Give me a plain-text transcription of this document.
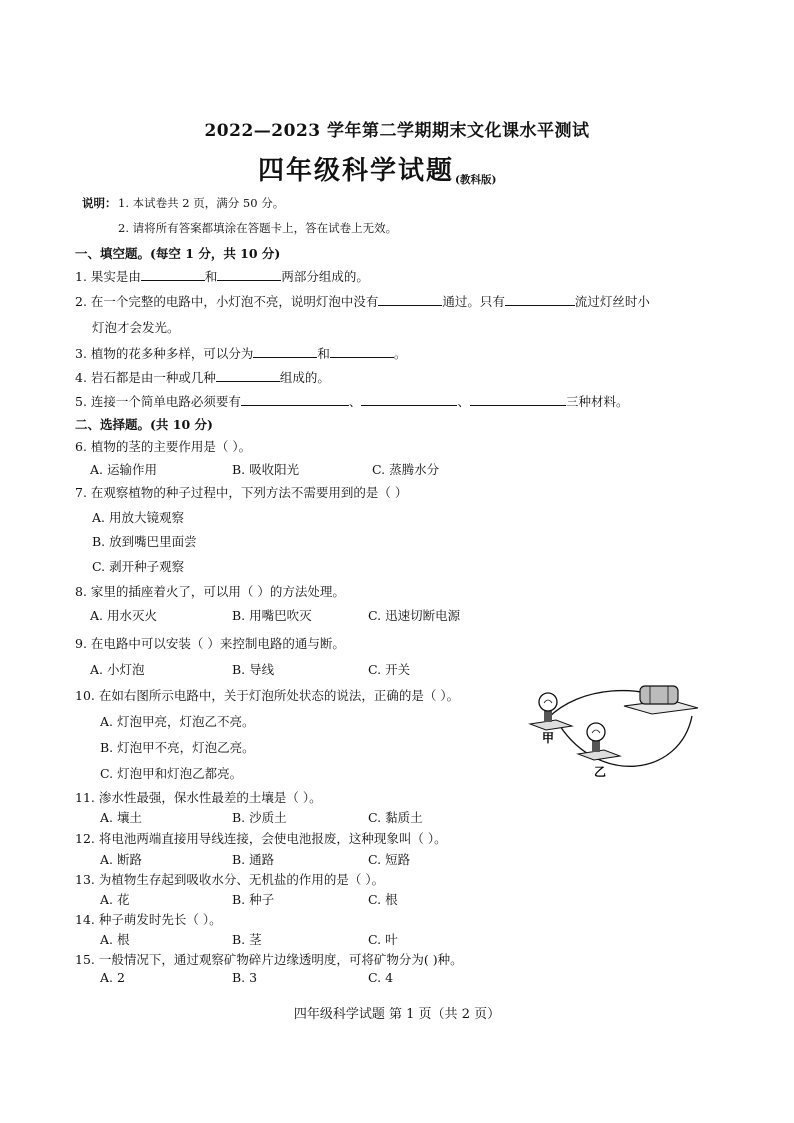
2022—2023 学年第二学期期末文化课水平测试
四年级科学试题 (教科版)
说明： 1. 本试卷共 2 页，满分 50 分。
2. 请将所有答案都填涂在答题卡上，答在试卷上无效。
一、填空题。(每空 1 分，共 10 分)
1. 果实是由	和	两部分组成的。
2. 在一个完整的电路中，小灯泡不亮，说明灯泡中没有	通过。只有	流过灯丝时小
灯泡才会发光。
3. 植物的花多种多样，可以分为	和	。
4. 岩石都是由一种或几种	组成的。
5. 连接一个简单电路必须要有	、	、	三种材料。
二、选择题。(共 10 分)
6. 植物的茎的主要作用是（ ）。
A. 运输作用	B. 吸收阳光	C. 蒸腾水分
7. 在观察植物的种子过程中，下列方法不需要用到的是（ ）
A. 用放大镜观察
B. 放到嘴巴里面尝
C. 剥开种子观察
8. 家里的插座着火了，可以用（ ）的方法处理。
A. 用水灭火	B. 用嘴巴吹灭	C. 迅速切断电源
9. 在电路中可以安装（ ）来控制电路的通与断。
A. 小灯泡	B. 导线	C. 开关
10. 在如右图所示电路中，关于灯泡所处状态的说法，正确的是（ ）。
A. 灯泡甲亮，灯泡乙不亮。
B. 灯泡甲不亮，灯泡乙亮。
C. 灯泡甲和灯泡乙都亮。
甲
乙
11. 渗水性最强，保水性最差的土壤是（ ）。
A. 壤土	B. 沙质土	C. 黏质土
12. 将电池两端直接用导线连接，会使电池报废，这种现象叫（ ）。
A. 断路	B. 通路	C. 短路
13. 为植物生存起到吸收水分、无机盐的作用的是（ ）。
A. 花	B. 种子	C. 根
14. 种子萌发时先长（ ）。
A. 根	B. 茎	C. 叶
15. 一般情况下，通过观察矿物碎片边缘透明度，可将矿物分为( )种。
A. 2	B. 3	C. 4
四年级科学试题 第 1 页（共 2 页）
